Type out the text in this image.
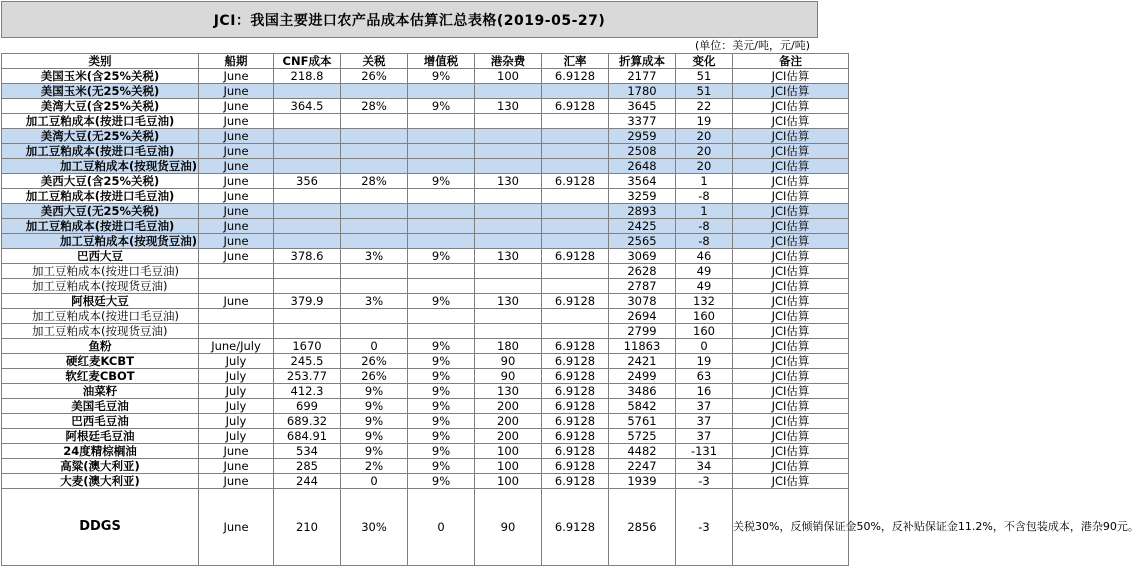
JCI：我国主要进口农产品成本估算汇总表格(2019-05-27)
(单位：美元/吨，元/吨)
类别	船期	CNF成本	关税	增值税	港杂费	汇率	折算成本	变化	备注
美国玉米(含25%关税)	June	218.8	26%	9%	100	6.9128	2177	51	JCI估算
美国玉米(无25%关税)	June						1780	51	JCI估算
美湾大豆(含25%关税)	June	364.5	28%	9%	130	6.9128	3645	22	JCI估算
加工豆粕成本(按进口毛豆油)	June						3377	19	JCI估算
美湾大豆(无25%关税)	June						2959	20	JCI估算
加工豆粕成本(按进口毛豆油)	June						2508	20	JCI估算
加工豆粕成本(按现货豆油)	June						2648	20	JCI估算
美西大豆(含25%关税)	June	356	28%	9%	130	6.9128	3564	1	JCI估算
加工豆粕成本(按进口毛豆油)	June						3259	-8	JCI估算
美西大豆(无25%关税)	June						2893	1	JCI估算
加工豆粕成本(按进口毛豆油)	June						2425	-8	JCI估算
加工豆粕成本(按现货豆油)	June						2565	-8	JCI估算
巴西大豆	June	378.6	3%	9%	130	6.9128	3069	46	JCI估算
加工豆粕成本(按进口毛豆油)							2628	49	JCI估算
加工豆粕成本(按现货豆油)							2787	49	JCI估算
阿根廷大豆	June	379.9	3%	9%	130	6.9128	3078	132	JCI估算
加工豆粕成本(按进口毛豆油)							2694	160	JCI估算
加工豆粕成本(按现货豆油)							2799	160	JCI估算
鱼粉	June/July	1670	0	9%	180	6.9128	11863	0	JCI估算
硬红麦KCBT	July	245.5	26%	9%	90	6.9128	2421	19	JCI估算
软红麦CBOT	July	253.77	26%	9%	90	6.9128	2499	63	JCI估算
油菜籽	July	412.3	9%	9%	130	6.9128	3486	16	JCI估算
美国毛豆油	July	699	9%	9%	200	6.9128	5842	37	JCI估算
巴西毛豆油	July	689.32	9%	9%	200	6.9128	5761	37	JCI估算
阿根廷毛豆油	July	684.91	9%	9%	200	6.9128	5725	37	JCI估算
24度精棕榈油	June	534	9%	9%	100	6.9128	4482	-131	JCI估算
高粱(澳大利亚)	June	285	2%	9%	100	6.9128	2247	34	JCI估算
大麦(澳大利亚)	June	244	0	9%	100	6.9128	1939	-3	JCI估算
DDGS	June	210	30%	0	90	6.9128	2856	-3	关税30%，反倾销保证金50%，反补贴保证金11.2%，不含包装成本，港杂90元。
